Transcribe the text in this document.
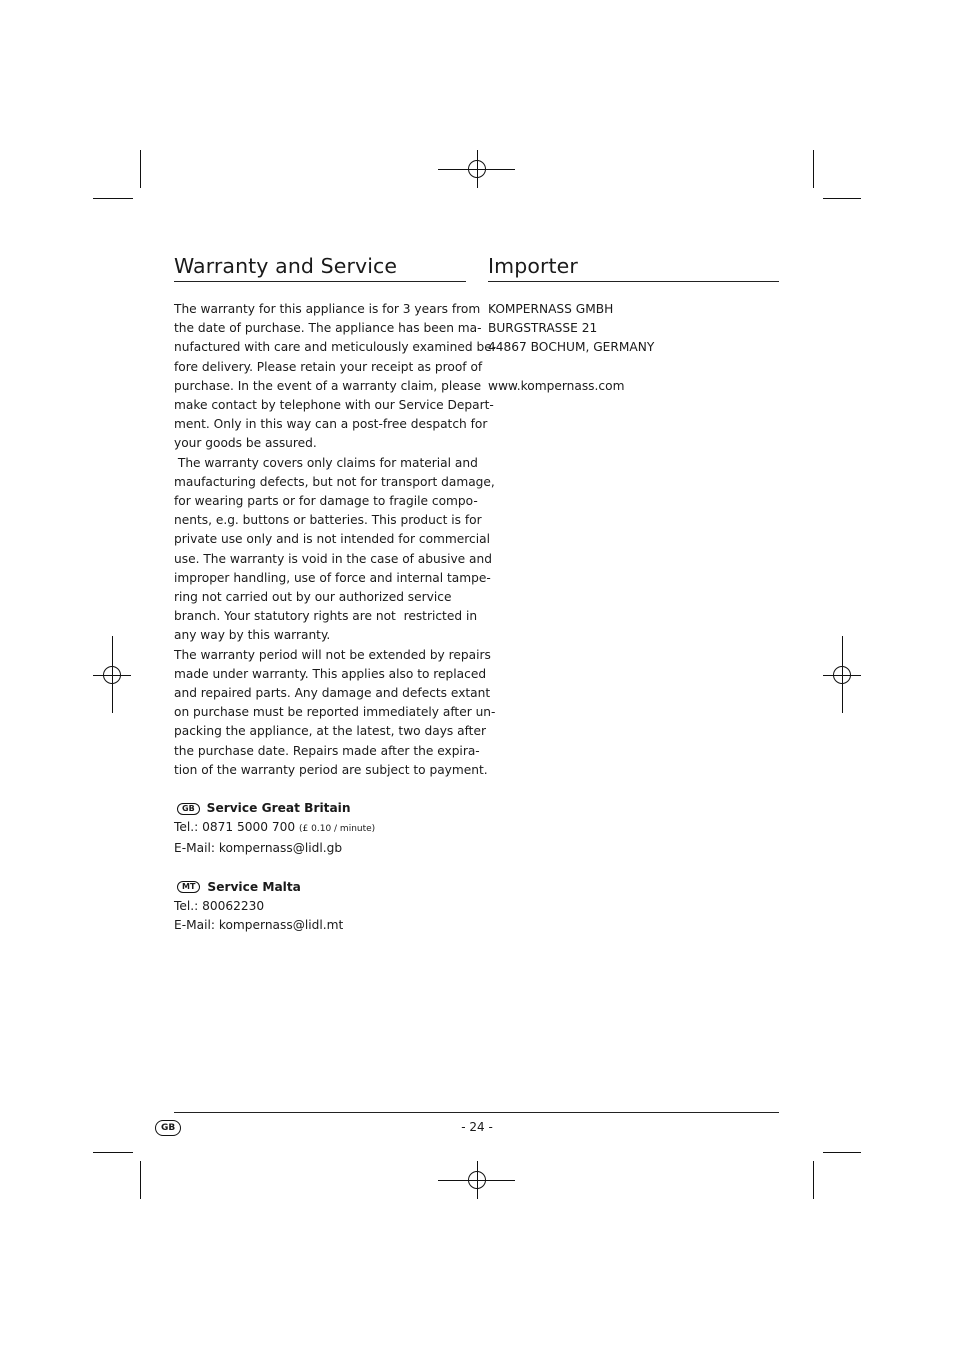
Warranty and Service
The warranty for this appliance is for 3 years from
the date of purchase. The appliance has been ma-
nufactured with care and meticulously examined be-
fore delivery. Please retain your receipt as proof of
purchase. In the event of a warranty claim, please
make contact by telephone with our Service Depart-
ment. Only in this way can a post-free despatch for
your goods be assured.
The warranty covers only claims for material and
maufacturing defects, but not for transport damage,
for wearing parts or for damage to fragile compo-
nents, e.g. buttons or batteries. This product is for
private use only and is not intended for commercial
use. The warranty is void in the case of abusive and
improper handling, use of force and internal tampe-
ring not carried out by our authorized service
branch. Your statutory rights are not  restricted in
any way by this warranty.
The warranty period will not be extended by repairs
made under warranty. This applies also to replaced
and repaired parts. Any damage and defects extant
on purchase must be reported immediately after un-
packing the appliance, at the latest, two days after
the purchase date. Repairs made after the expira-
tion of the warranty period are subject to payment.
GB Service Great Britain
Tel.: 0871 5000 700 (£ 0.10 / minute)
E-Mail: kompernass@lidl.gb
MT Service Malta
Tel.: 80062230
E-Mail: kompernass@lidl.mt
Importer
KOMPERNASS GMBH
BURGSTRASSE 21
44867 BOCHUM, GERMANY
www.kompernass.com
GB	- 24 -
